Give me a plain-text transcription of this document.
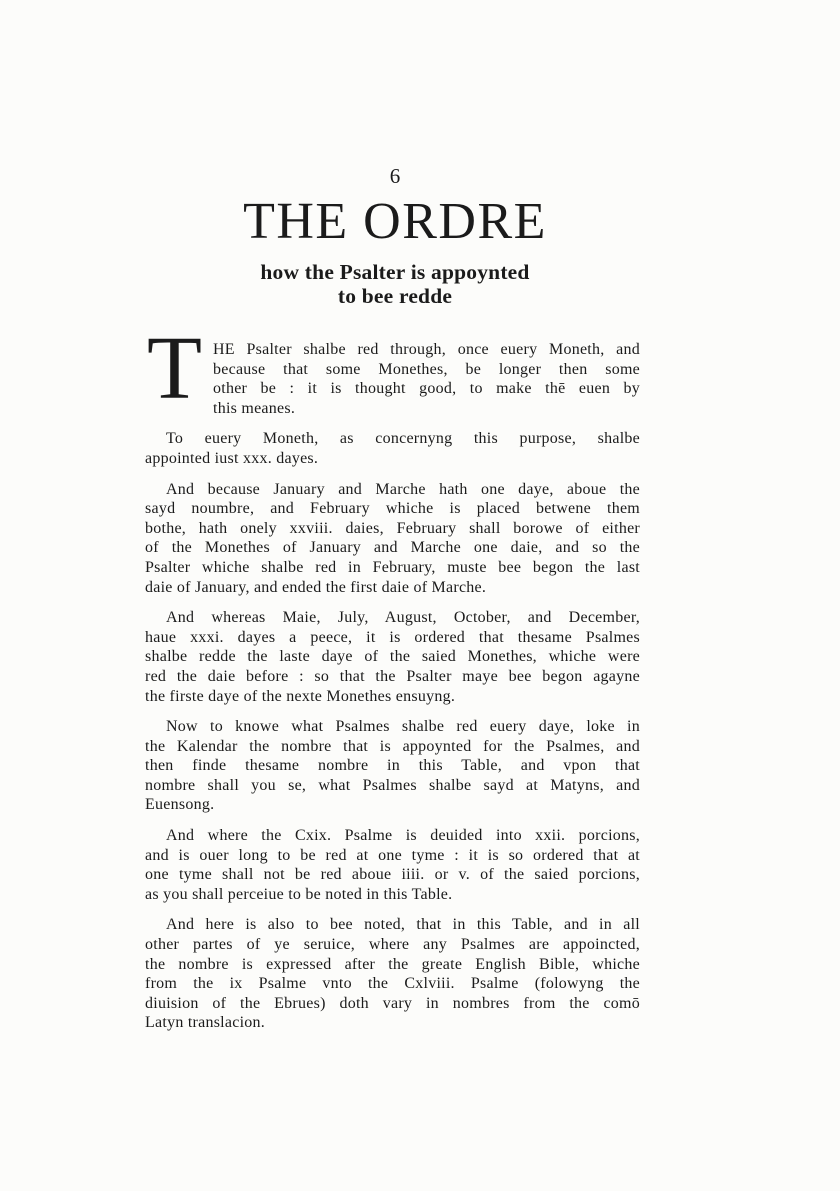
6
THE ORDRE
how the Psalter is appoynted
to bee redde
T HE Psalter shalbe red through, once euery Moneth, and
because that some Monethes, be longer then some
other be : it is thought good, to make thē euen by
this meanes.
To euery Moneth, as concernyng this purpose, shalbe
appointed iust xxx. dayes.
And because January and Marche hath one daye, aboue the
sayd noumbre, and February whiche is placed betwene them
bothe, hath onely xxviii. daies, February shall borowe of either
of the Monethes of January and Marche one daie, and so the
Psalter whiche shalbe red in February, muste bee begon the last
daie of January, and ended the first daie of Marche.
And whereas Maie, July, August, October, and December,
haue xxxi. dayes a peece, it is ordered that thesame Psalmes
shalbe redde the laste daye of the saied Monethes, whiche were
red the daie before : so that the Psalter maye bee begon agayne
the firste daye of the nexte Monethes ensuyng.
Now to knowe what Psalmes shalbe red euery daye, loke in
the Kalendar the nombre that is appoynted for the Psalmes, and
then finde thesame nombre in this Table, and vpon that
nombre shall you se, what Psalmes shalbe sayd at Matyns, and
Euensong.
And where the Cxix. Psalme is deuided into xxii. porcions,
and is ouer long to be red at one tyme : it is so ordered that at
one tyme shall not be red aboue iiii. or v. of the saied porcions,
as you shall perceiue to be noted in this Table.
And here is also to bee noted, that in this Table, and in all
other partes of ye seruice, where any Psalmes are appoincted,
the nombre is expressed after the greate English Bible, whiche
from the ix Psalme vnto the Cxlviii. Psalme (folowyng the
diuision of the Ebrues) doth vary in nombres from the comō
Latyn translacion.
